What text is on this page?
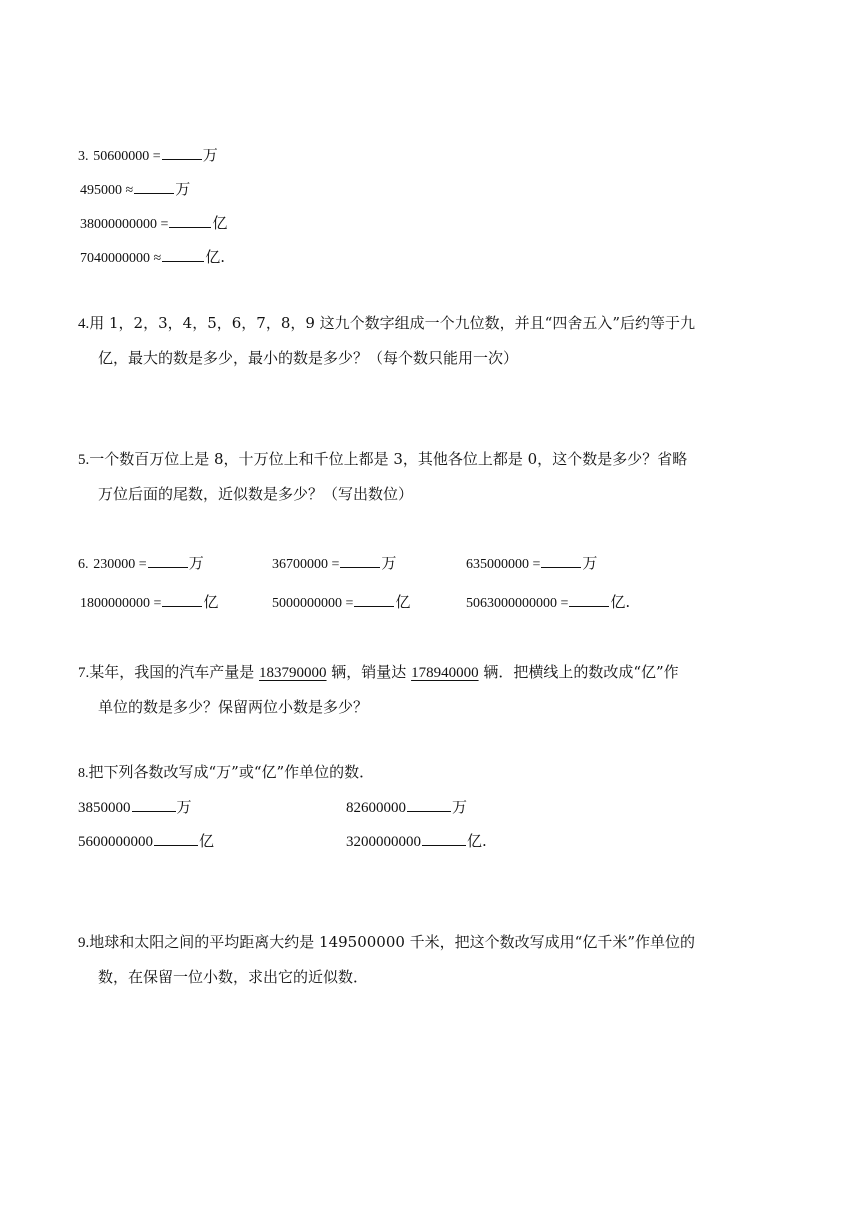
3. 50600000 =	万
495000 ≈	万
38000000000 =	亿
7040000000 ≈	亿.
4.用 1，2，3，4，5，6，7，8，9 这九个数字组成一个九位数，并且“四舍五入”后约等于九
亿，最大的数是多少，最小的数是多少？（每个数只能用一次）
5.一个数百万位上是 8，十万位上和千位上都是 3，其他各位上都是 0，这个数是多少？省略
万位后面的尾数，近似数是多少？（写出数位）
6. 230000 =	万	36700000 =	万	635000000 =	万
1800000000 =	亿	5000000000 =	亿	5063000000000 =	亿.
7.某年，我国的汽车产量是 183790000 辆，销量达 178940000 辆．把横线上的数改成“亿”作
单位的数是多少？保留两位小数是多少？
8.把下列各数改写成“万”或“亿”作单位的数．
3850000	万	82600000	万
5600000000	亿	3200000000	亿.
9.地球和太阳之间的平均距离大约是 149500000 千米，把这个数改写成用“亿千米”作单位的
数，在保留一位小数，求出它的近似数．
